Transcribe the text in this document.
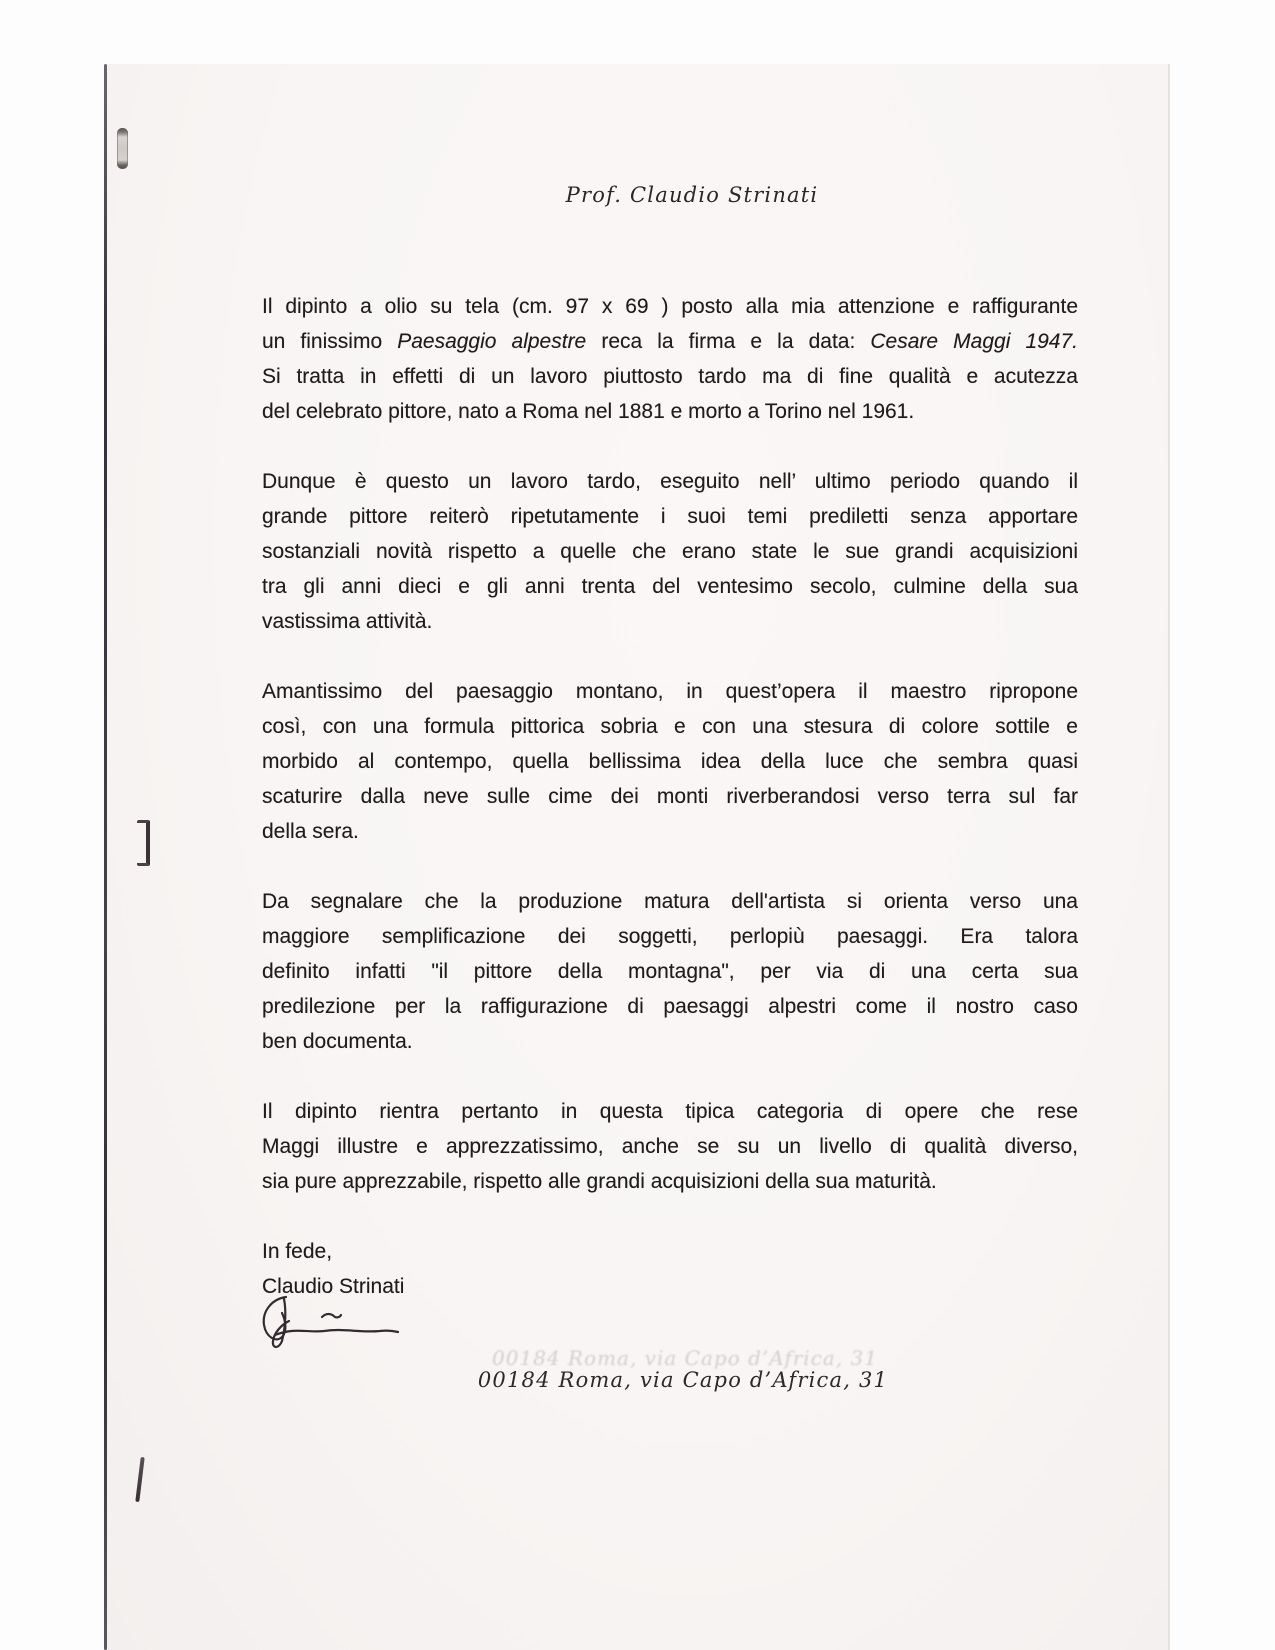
Prof. Claudio Strinati
Il dipinto a olio su tela (cm. 97 x 69 ) posto alla mia attenzione e raffigurante
un finissimo Paesaggio alpestre reca la firma e la data: Cesare Maggi 1947.
Si tratta in effetti di un lavoro piuttosto tardo ma di fine qualità e acutezza
del celebrato pittore, nato a Roma nel 1881 e morto a Torino nel 1961.
Dunque è questo un lavoro tardo, eseguito nell’ ultimo periodo quando il
grande pittore reiterò ripetutamente i suoi temi prediletti senza apportare
sostanziali novità rispetto a quelle che erano state le sue grandi acquisizioni
tra gli anni dieci e gli anni trenta del ventesimo secolo, culmine della sua
vastissima attività.
Amantissimo del paesaggio montano, in quest’opera il maestro ripropone
così, con una formula pittorica sobria e con una stesura di colore sottile e
morbido al contempo, quella bellissima idea della luce che sembra quasi
scaturire dalla neve sulle cime dei monti riverberandosi verso terra sul far
della sera.
Da segnalare che la produzione matura dell'artista si orienta verso una
maggiore semplificazione dei soggetti, perlopiù paesaggi. Era talora
definito infatti "il pittore della montagna", per via di una certa sua
predilezione per la raffigurazione di paesaggi alpestri come il nostro caso
ben documenta.
Il dipinto rientra pertanto in questa tipica categoria di opere che rese
Maggi illustre e apprezzatissimo, anche se su un livello di qualità diverso,
sia pure apprezzabile, rispetto alle grandi acquisizioni della sua maturità.
In fede,
Claudio Strinati
00184 Roma, via Capo d’Africa, 31
00184 Roma, via Capo d’Africa, 31
